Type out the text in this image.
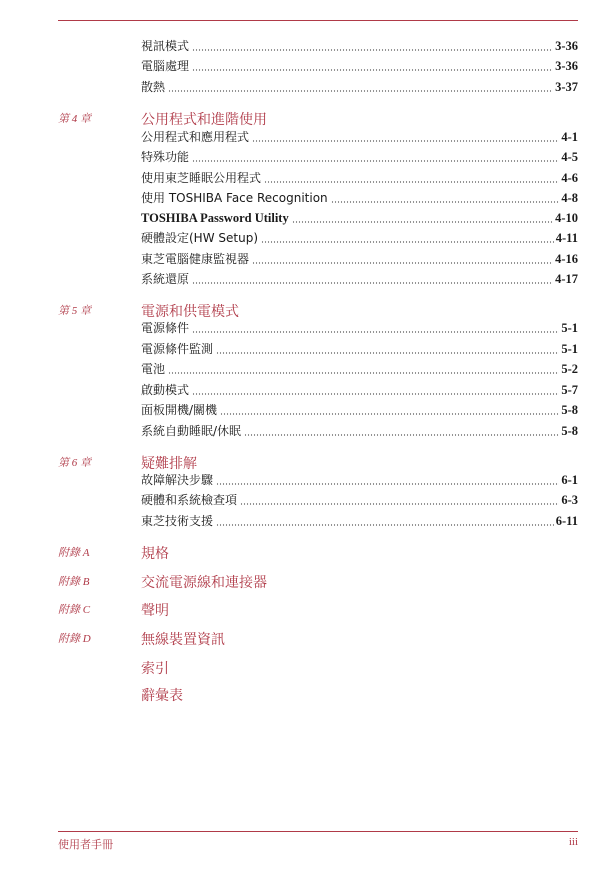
視訊模式	3-36
電腦處理	3-36
散熱	3-37
第 4 章	公用程式和進階使用
公用程式和應用程式	4-1
特殊功能	4-5
使用東芝睡眠公用程式	4-6
使用 TOSHIBA Face Recognition	4-8
TOSHIBA Password Utility	4-10
硬體設定(HW Setup)	4-11
東芝電腦健康監視器	4-16
系統還原	4-17
第 5 章	電源和供電模式
電源條件	5-1
電源條件監測	5-1
電池	5-2
啟動模式	5-7
面板開機/關機	5-8
系統自動睡眠/休眠	5-8
第 6 章	疑難排解
故障解決步驟	6-1
硬體和系統檢查項	6-3
東芝技術支援	6-11
附錄 A	規格
附錄 B	交流電源線和連接器
附錄 C	聲明
附錄 D	無線裝置資訊
索引
辭彙表
使用者手冊	iii
